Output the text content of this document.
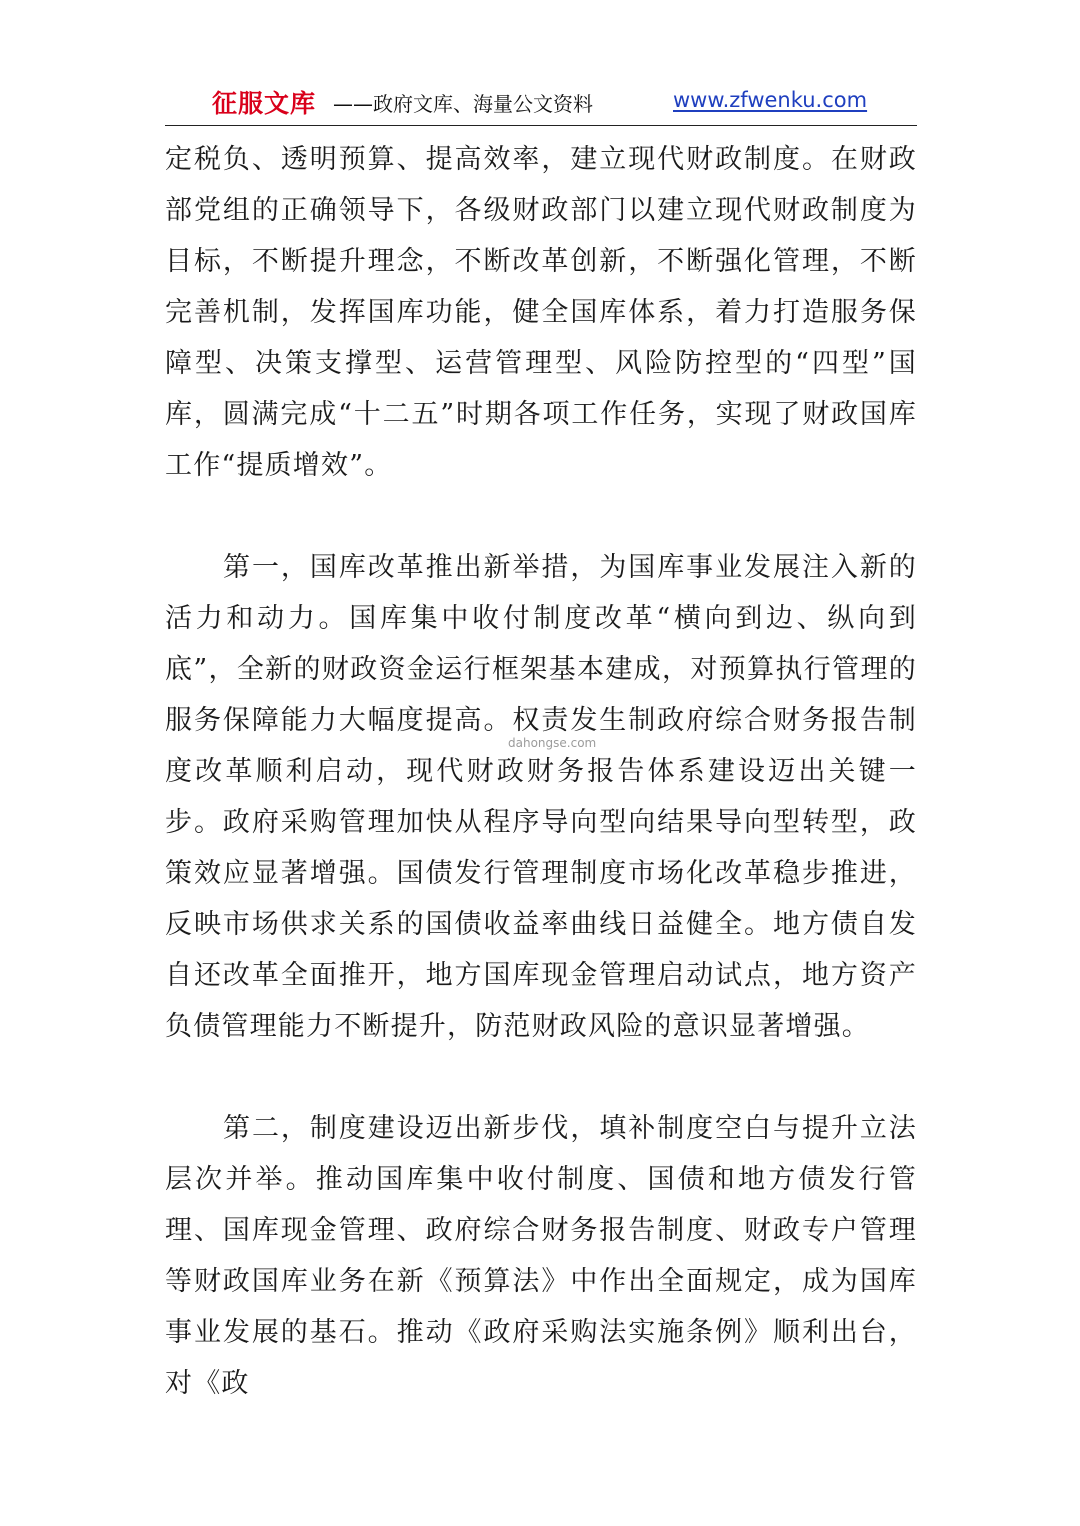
征服文库 ——政府文库、海量公文资料	www.zfwenku.com

定税负、透明预算、提高效率，建立现代财政制度。在财政部党组的正确领导下，各级财政部门以建立现代财政制度为目标，不断提升理念，不断改革创新，不断强化管理，不断完善机制，发挥国库功能，健全国库体系，着力打造服务保障型、决策支撑型、运营管理型、风险防控型的“四型”国库，圆满完成“十二五”时期各项工作任务，实现了财政国库工作“提质增效”。

第一，国库改革推出新举措，为国库事业发展注入新的活力和动力。国库集中收付制度改革“横向到边、纵向到底”，全新的财政资金运行框架基本建成，对预算执行管理的服务保障能力大幅度提高。权责发生制政府综合财务报告制度改革顺利启动，现代财政财务报告体系建设迈出关键一步。政府采购管理加快从程序导向型向结果导向型转型，政策效应显著增强。国债发行管理制度市场化改革稳步推进，反映市场供求关系的国债收益率曲线日益健全。地方债自发自还改革全面推开，地方国库现金管理启动试点，地方资产负债管理能力不断提升，防范财政风险的意识显著增强。

第二，制度建设迈出新步伐，填补制度空白与提升立法层次并举。推动国库集中收付制度、国债和地方债发行管理、国库现金管理、政府综合财务报告制度、财政专户管理等财政国库业务在新《预算法》中作出全面规定，成为国库事业发展的基石。推动《政府采购法实施条例》顺利出台，对《政

dahongse.com
